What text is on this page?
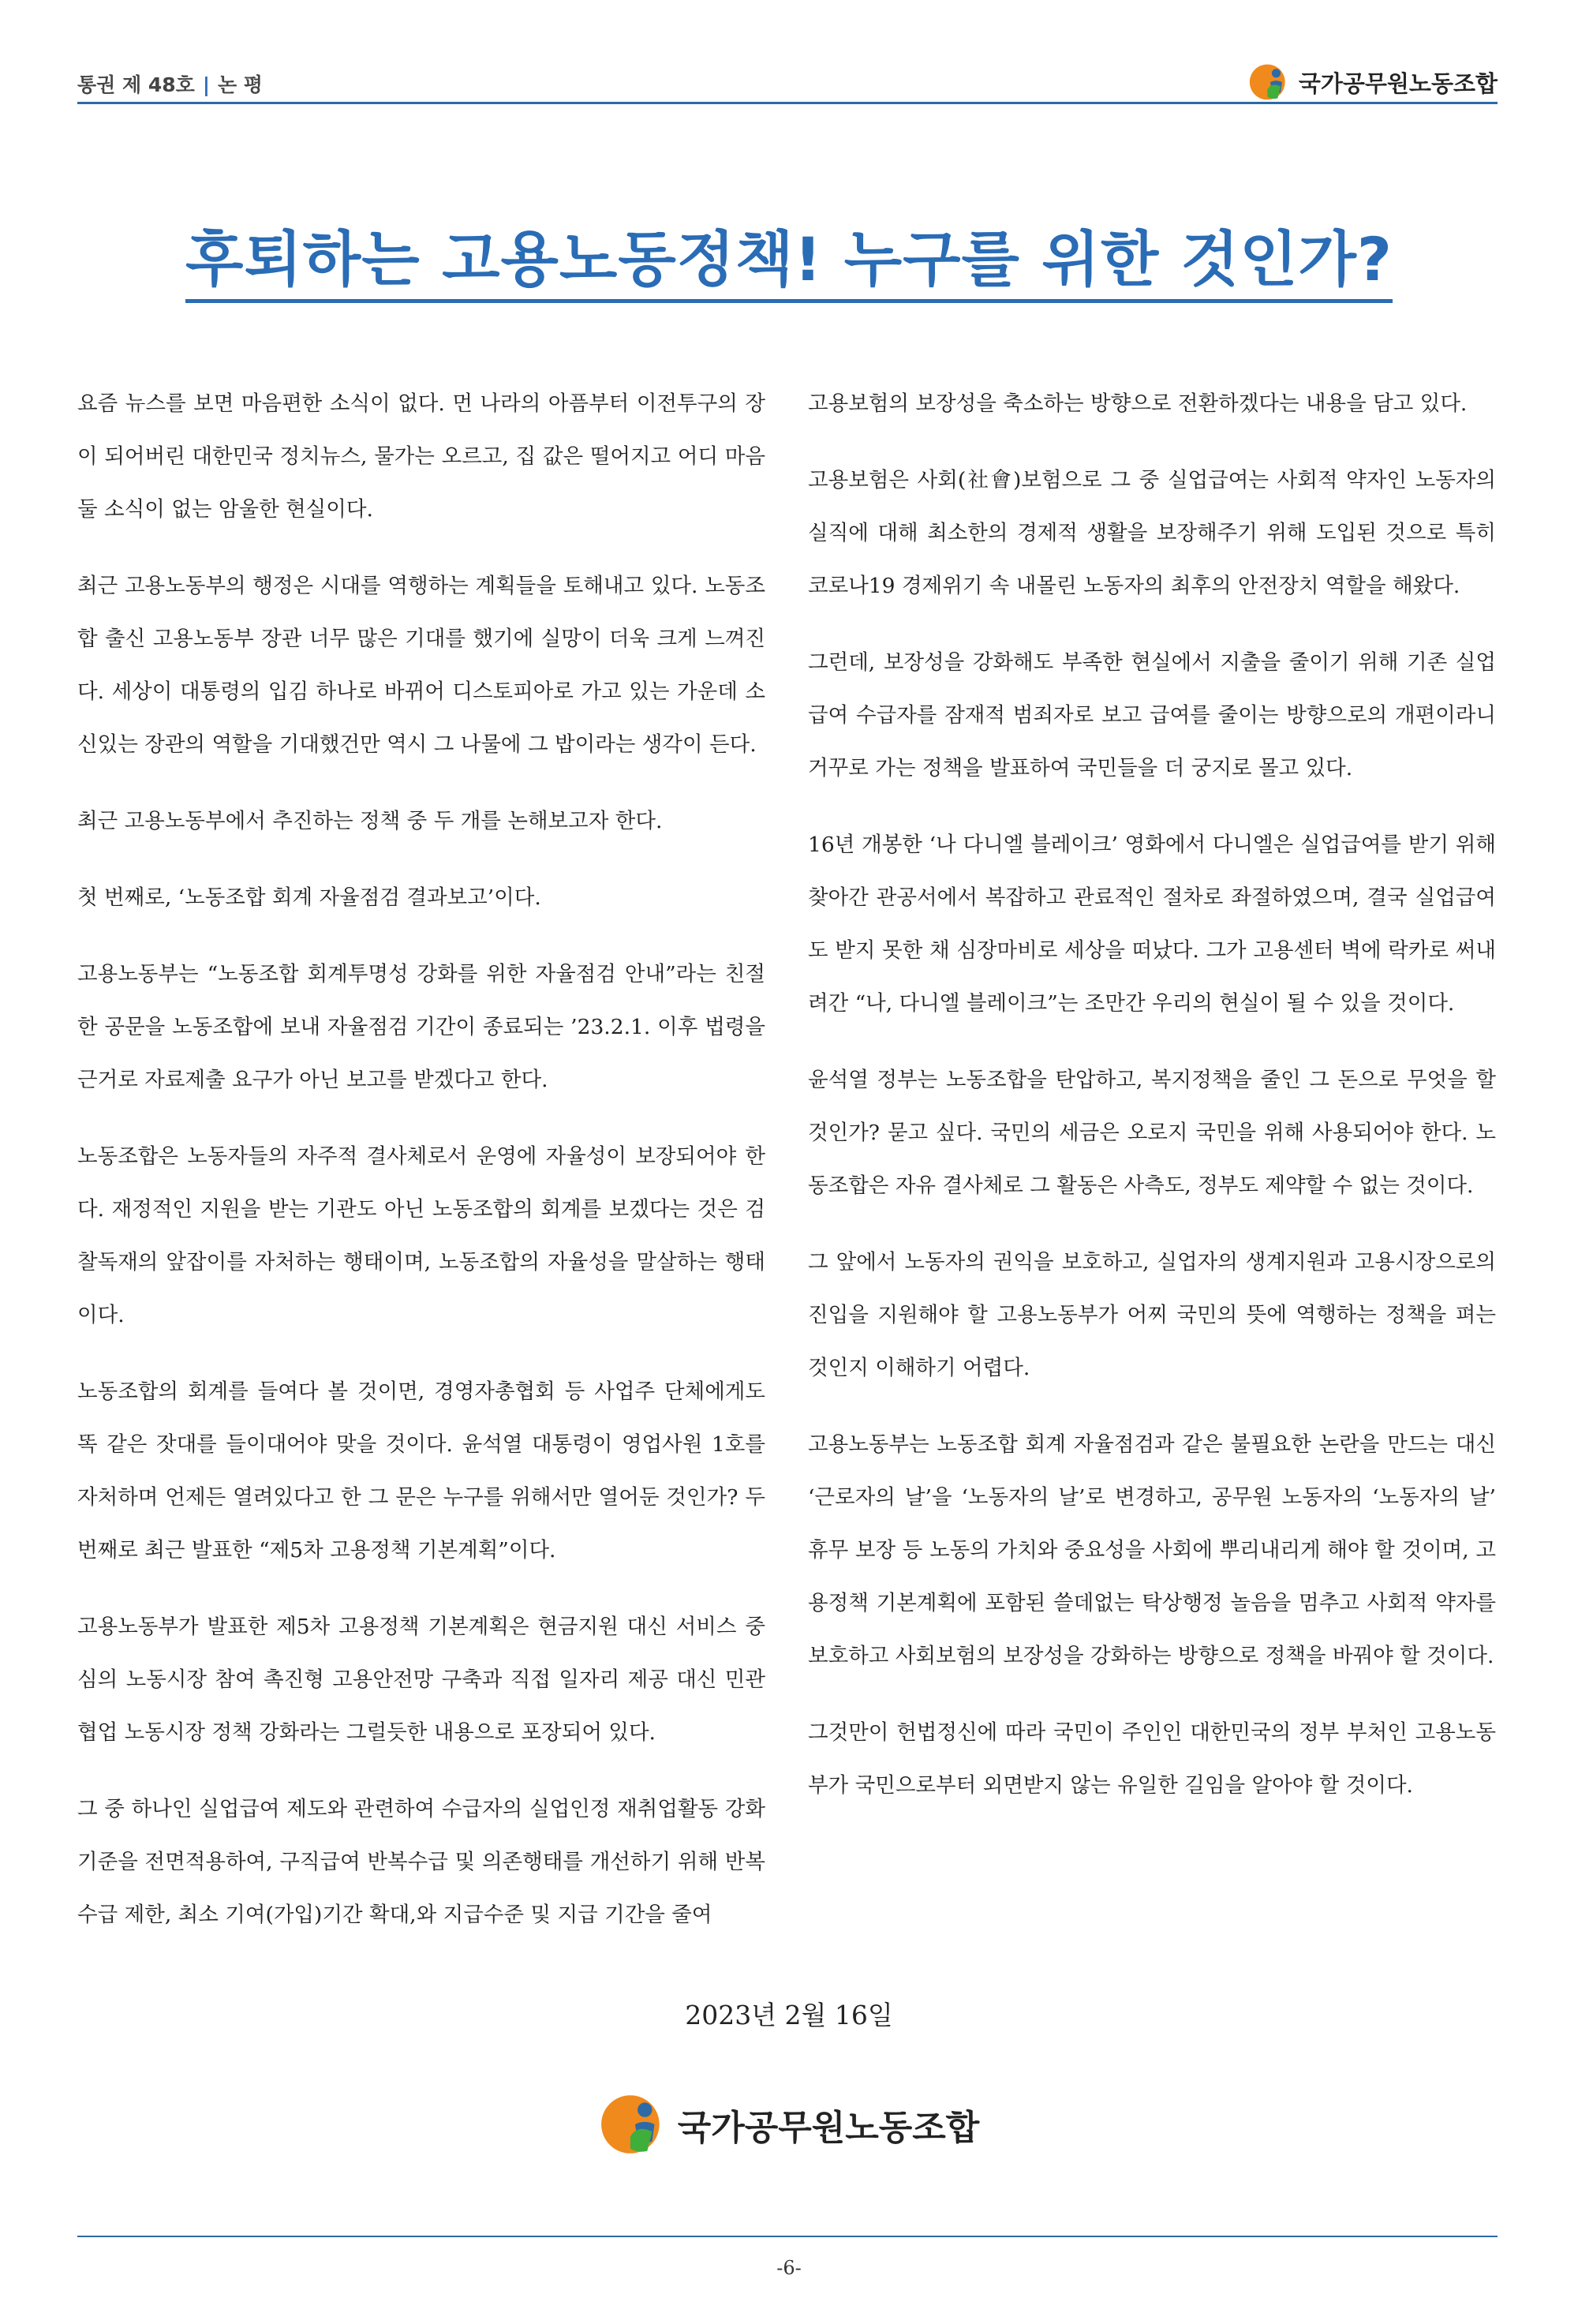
통권 제 48호 | 논 평	국가공무원노동조합
후퇴하는 고용노동정책! 누구를 위한 것인가?

요즘 뉴스를 보면 마음편한 소식이 없다. 먼 나라의 아픔부터 이전투구의 장이 되어버린 대한민국 정치뉴스, 물가는 오르고, 집 값은 떨어지고 어디 마음 둘 소식이 없는 암울한 현실이다.

최근 고용노동부의 행정은 시대를 역행하는 계획들을 토해내고 있다. 노동조합 출신 고용노동부 장관 너무 많은 기대를 했기에 실망이 더욱 크게 느껴진다. 세상이 대통령의 입김 하나로 바뀌어 디스토피아로 가고 있는 가운데 소신있는 장관의 역할을 기대했건만 역시 그 나물에 그 밥이라는 생각이 든다.

최근 고용노동부에서 추진하는 정책 중 두 개를 논해보고자 한다.

첫 번째로, ‘노동조합 회계 자율점검 결과보고’이다.

고용노동부는 “노동조합 회계투명성 강화를 위한 자율점검 안내”라는 친절한 공문을 노동조합에 보내 자율점검 기간이 종료되는 ’23.2.1. 이후 법령을 근거로 자료제출 요구가 아닌 보고를 받겠다고 한다.

노동조합은 노동자들의 자주적 결사체로서 운영에 자율성이 보장되어야 한다. 재정적인 지원을 받는 기관도 아닌 노동조합의 회계를 보겠다는 것은 검찰독재의 앞잡이를 자처하는 행태이며, 노동조합의 자율성을 말살하는 행태이다.

노동조합의 회계를 들여다 볼 것이면, 경영자총협회 등 사업주 단체에게도 똑 같은 잣대를 들이대어야 맞을 것이다. 윤석열 대통령이 영업사원 1호를 자처하며 언제든 열려있다고 한 그 문은 누구를 위해서만 열어둔 것인가? 두 번째로 최근 발표한 “제5차 고용정책 기본계획”이다.

고용노동부가 발표한 제5차 고용정책 기본계획은 현금지원 대신 서비스 중심의 노동시장 참여 촉진형 고용안전망 구축과 직접 일자리 제공 대신 민관협업 노동시장 정책 강화라는 그럴듯한 내용으로 포장되어 있다.

그 중 하나인 실업급여 제도와 관련하여 수급자의 실업인정 재취업활동 강화 기준을 전면적용하여, 구직급여 반복수급 및 의존행태를 개선하기 위해 반복수급 제한, 최소 기여(가입)기간 확대,와 지급수준 및 지급 기간을 줄여

고용보험의 보장성을 축소하는 방향으로 전환하겠다는 내용을 담고 있다.

고용보험은 사회(社會)보험으로 그 중 실업급여는 사회적 약자인 노동자의 실직에 대해 최소한의 경제적 생활을 보장해주기 위해 도입된 것으로 특히 코로나19 경제위기 속 내몰린 노동자의 최후의 안전장치 역할을 해왔다.

그런데, 보장성을 강화해도 부족한 현실에서 지출을 줄이기 위해 기존 실업급여 수급자를 잠재적 범죄자로 보고 급여를 줄이는 방향으로의 개편이라니 거꾸로 가는 정책을 발표하여 국민들을 더 궁지로 몰고 있다.

16년 개봉한 ‘나 다니엘 블레이크’ 영화에서 다니엘은 실업급여를 받기 위해 찾아간 관공서에서 복잡하고 관료적인 절차로 좌절하였으며, 결국 실업급여도 받지 못한 채 심장마비로 세상을 떠났다. 그가 고용센터 벽에 락카로 써내려간 “나, 다니엘 블레이크”는 조만간 우리의 현실이 될 수 있을 것이다.

윤석열 정부는 노동조합을 탄압하고, 복지정책을 줄인 그 돈으로 무엇을 할 것인가? 묻고 싶다. 국민의 세금은 오로지 국민을 위해 사용되어야 한다. 노동조합은 자유 결사체로 그 활동은 사측도, 정부도 제약할 수 없는 것이다.

그 앞에서 노동자의 권익을 보호하고, 실업자의 생계지원과 고용시장으로의 진입을 지원해야 할 고용노동부가 어찌 국민의 뜻에 역행하는 정책을 펴는 것인지 이해하기 어렵다.

고용노동부는 노동조합 회계 자율점검과 같은 불필요한 논란을 만드는 대신 ‘근로자의 날’을 ‘노동자의 날’로 변경하고, 공무원 노동자의 ‘노동자의 날’ 휴무 보장 등 노동의 가치와 중요성을 사회에 뿌리내리게 해야 할 것이며, 고용정책 기본계획에 포함된 쓸데없는 탁상행정 놀음을 멈추고 사회적 약자를 보호하고 사회보험의 보장성을 강화하는 방향으로 정책을 바꿔야 할 것이다.

그것만이 헌법정신에 따라 국민이 주인인 대한민국의 정부 부처인 고용노동부가 국민으로부터 외면받지 않는 유일한 길임을 알아야 할 것이다.

2023년 2월 16일
국가공무원노동조합
-6-
